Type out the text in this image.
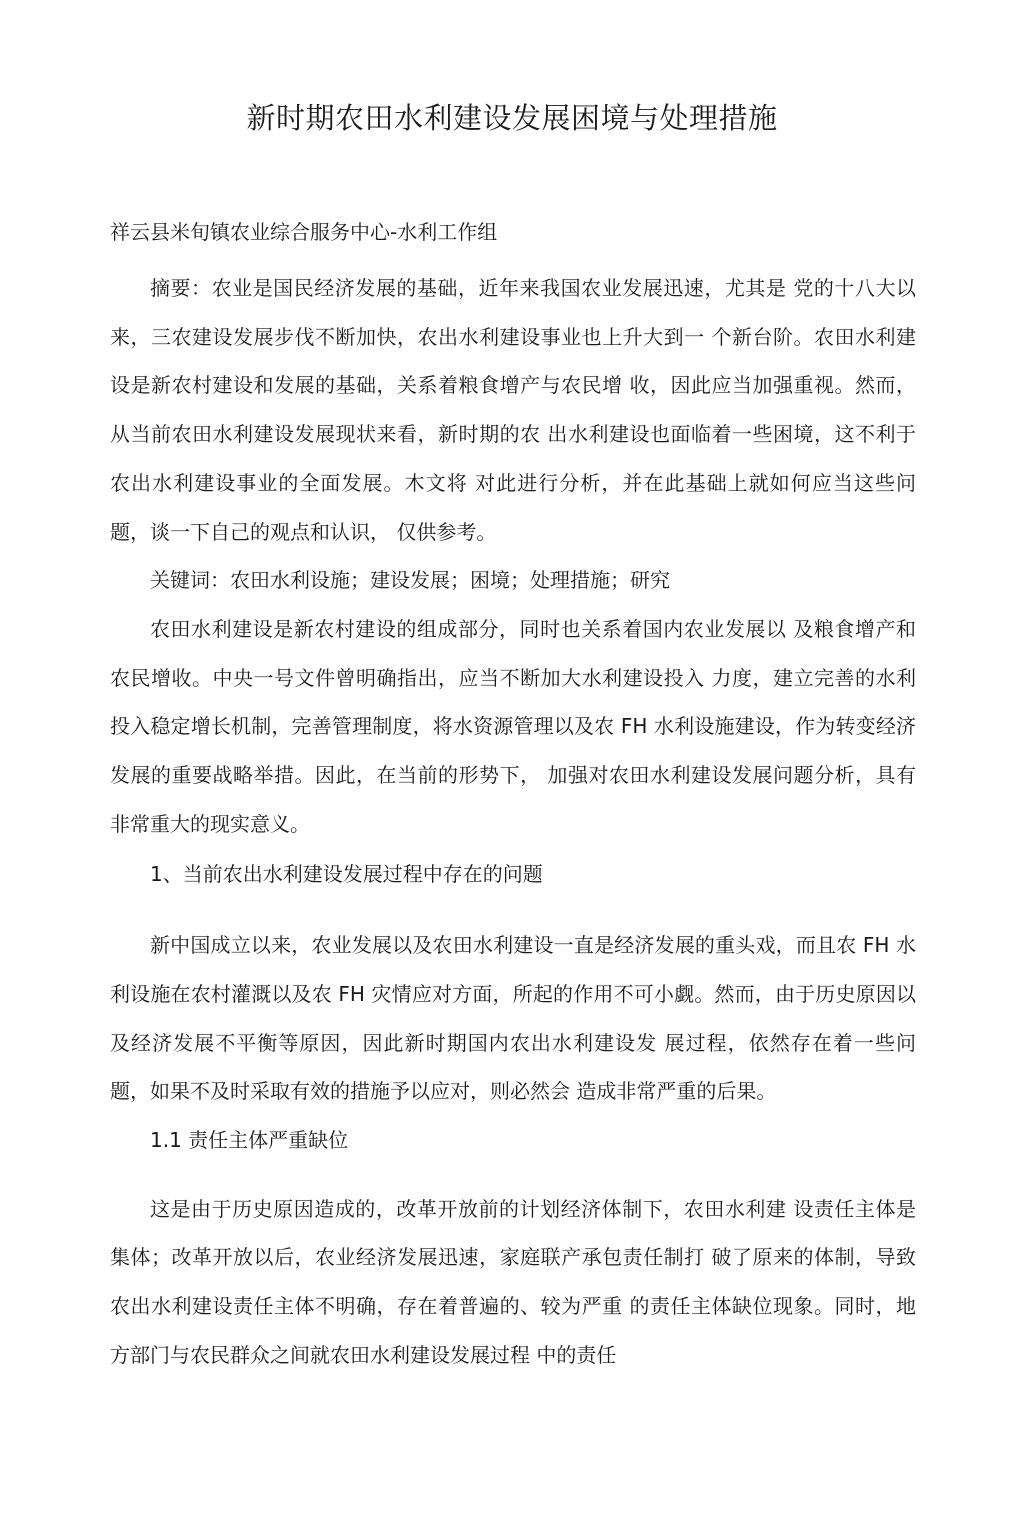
新时期农田水利建设发展困境与处理措施

祥云县米旬镇农业综合服务中心-水利工作组

摘要：农业是国民经济发展的基础，近年来我国农业发展迅速，尤其是 党的十八大以来，三农建设发展步伐不断加快，农出水利建设事业也上升大到一 个新台阶。农田水利建设是新农村建设和发展的基础，关系着粮食增产与农民增 收，因此应当加强重视。然而，从当前农田水利建设发展现状来看，新时期的农 出水利建设也面临着一些困境，这不利于农出水利建设事业的全面发展。木文将 对此进行分析，并在此基础上就如何应当这些问题，谈一下自己的观点和认识， 仅供参考。

关键词：农田水利设施；建设发展；困境；处理措施；研究

农田水利建设是新农村建设的组成部分，同时也关系着国内农业发展以 及粮食增产和农民增收。中央一号文件曾明确指出，应当不断加大水利建设投入 力度，建立完善的水利投入稳定增长机制，完善管理制度，将水资源管理以及农 FH 水利设施建设，作为转变经济发展的重要战略举措。因此，在当前的形势下， 加强对农田水利建设发展问题分析，具有非常重大的现实意义。

1、当前农出水利建设发展过程中存在的问题

新中国成立以来，农业发展以及农田水利建设一直是经济发展的重头戏，而且农 FH 水利设施在农村灌溉以及农 FH 灾情应对方面，所起的作用不可小觑。然而，由于历史原因以及经济发展不平衡等原因，因此新时期国内农出水利建设发 展过程，依然存在着一些问题，如果不及时采取有效的措施予以应对，则必然会 造成非常严重的后果。

1.1 责任主体严重缺位

这是由于历史原因造成的，改革开放前的计划经济体制下，农田水利建 设责任主体是集体；改革开放以后，农业经济发展迅速，家庭联产承包责任制打 破了原来的体制，导致农出水利建设责任主体不明确，存在着普遍的、较为严重 的责任主体缺位现象。同时，地方部门与农民群众之间就农田水利建设发展过程 中的责任
